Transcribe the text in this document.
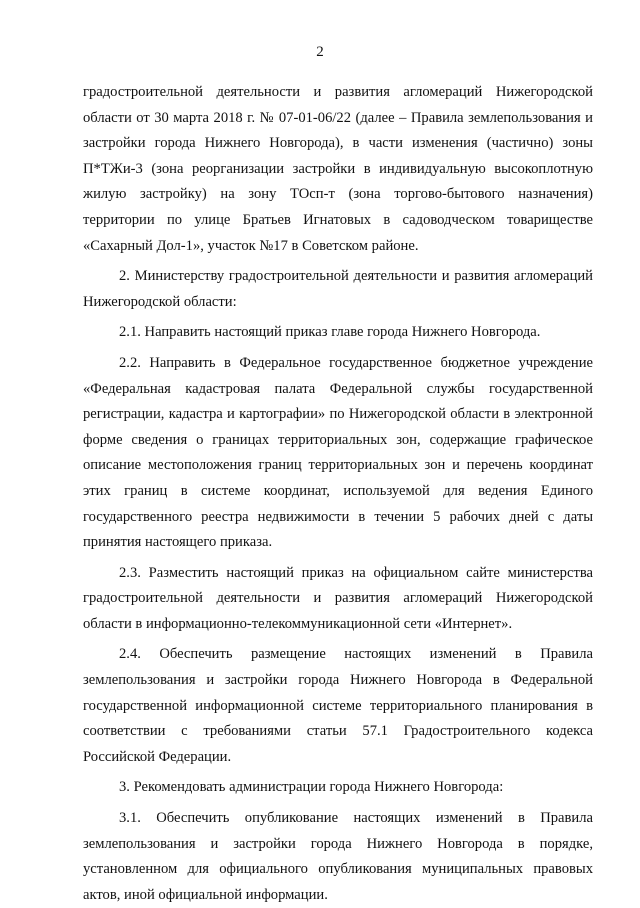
2

градостроительной деятельности и развития агломераций Нижегородской области от 30 марта 2018 г. № 07-01-06/22 (далее – Правила землепользования и застройки города Нижнего Новгорода), в части изменения (частично) зоны П*ТЖи-3 (зона реорганизации застройки в индивидуальную высокоплотную жилую застройку) на зону ТОсп-т (зона торгово-бытового назначения) территории по улице Братьев Игнатовых в садоводческом товариществе «Сахарный Дол-1», участок №17 в Советском районе.

2. Министерству градостроительной деятельности и развития агломераций Нижегородской области:

2.1. Направить настоящий приказ главе города Нижнего Новгорода.

2.2. Направить в Федеральное государственное бюджетное учреждение «Федеральная кадастровая палата Федеральной службы государственной регистрации, кадастра и картографии» по Нижегородской области в электронной форме сведения о границах территориальных зон, содержащие графическое описание местоположения границ территориальных зон и перечень координат этих границ в системе координат, используемой для ведения Единого государственного реестра недвижимости в течении 5 рабочих дней с даты принятия настоящего приказа.

2.3. Разместить настоящий приказ на официальном сайте министерства градостроительной деятельности и развития агломераций Нижегородской области в информационно-телекоммуникационной сети «Интернет».

2.4. Обеспечить размещение настоящих изменений в Правила землепользования и застройки города Нижнего Новгорода в Федеральной государственной информационной системе территориального планирования в соответствии с требованиями статьи 57.1 Градостроительного кодекса Российской Федерации.

3. Рекомендовать администрации города Нижнего Новгорода:

3.1. Обеспечить опубликование настоящих изменений в Правила землепользования и застройки города Нижнего Новгорода в порядке, установленном для официального опубликования муниципальных правовых актов, иной официальной информации.
